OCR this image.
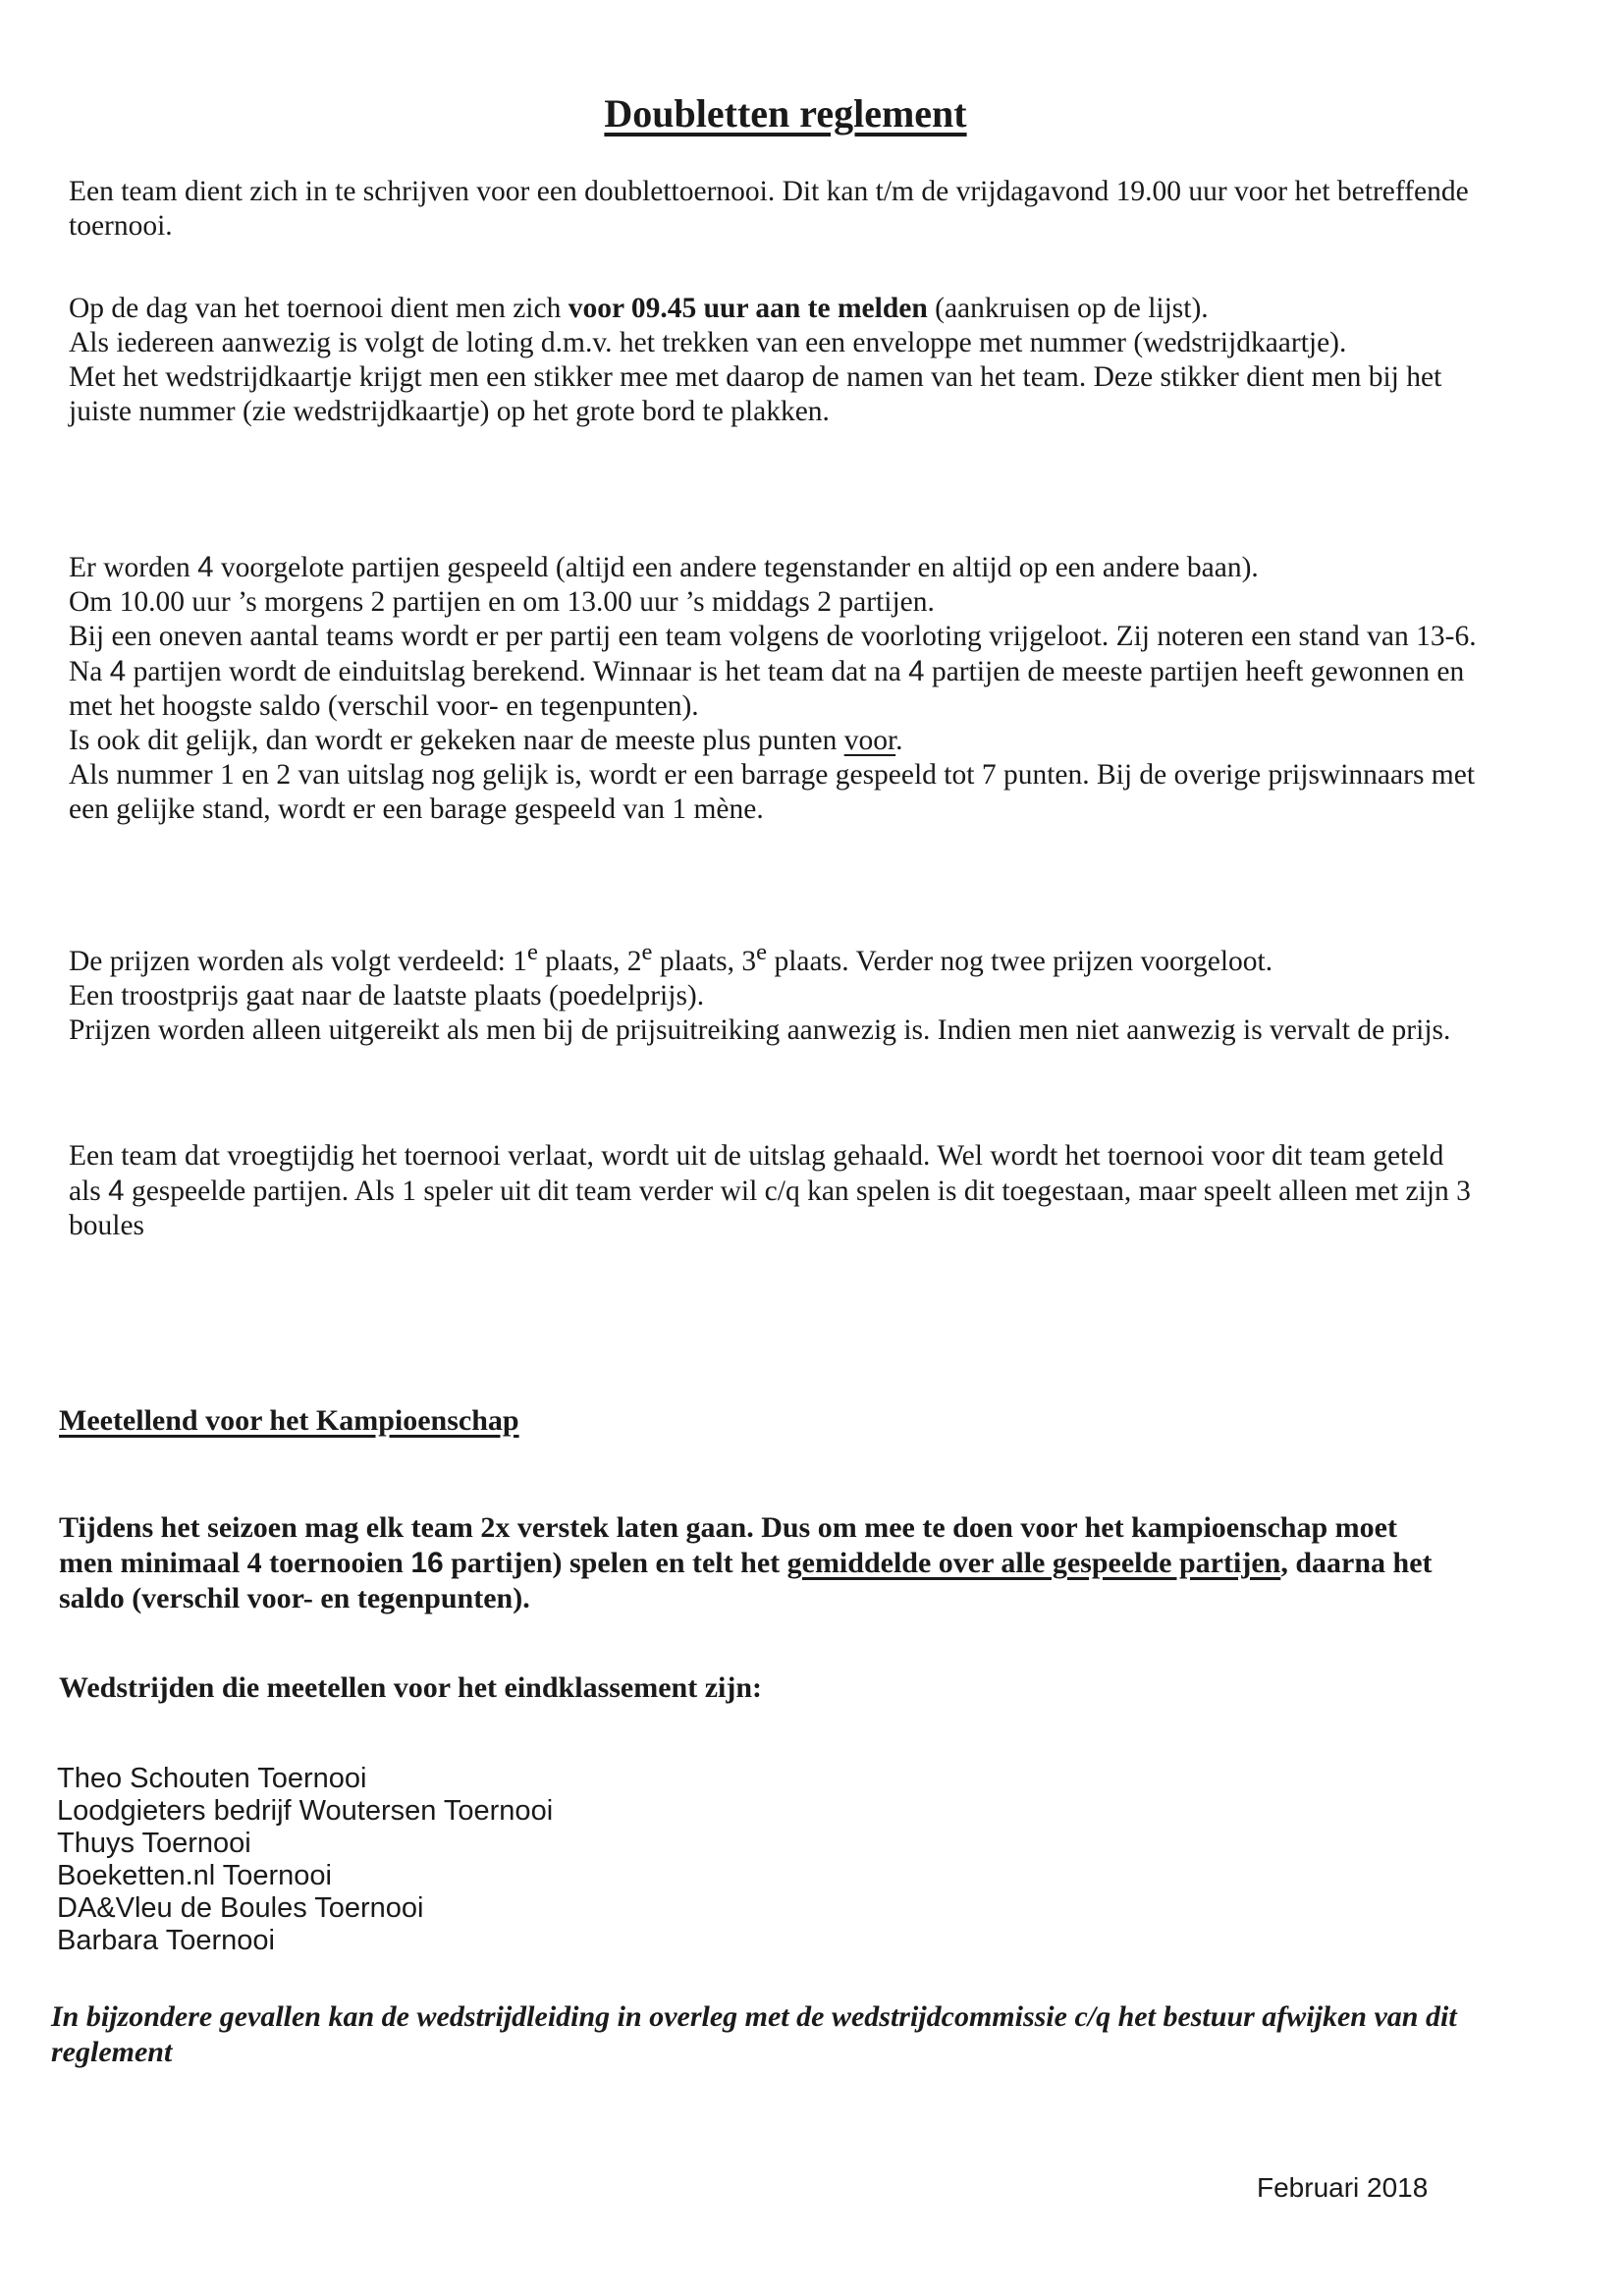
Doubletten reglement

Een team dient zich in te schrijven voor een doublettoernooi. Dit kan t/m de vrijdagavond 19.00 uur voor het betreffende toernooi.

Op de dag van het toernooi dient men zich voor 09.45 uur aan te melden (aankruisen op de lijst).

Als iedereen aanwezig is volgt de loting d.m.v. het trekken van een enveloppe met nummer (wedstrijdkaartje).

Met het wedstrijdkaartje krijgt men een stikker mee met daarop de namen van het team. Deze stikker dient men bij het juiste nummer (zie wedstrijdkaartje) op het grote bord te plakken.

Er worden 4 voorgelote partijen gespeeld (altijd een andere tegenstander en altijd op een andere baan).

Om 10.00 uur ’s morgens 2 partijen en om 13.00 uur ’s middags 2 partijen.

Bij een oneven aantal teams wordt er per partij een team volgens de voorloting vrijgeloot. Zij noteren een stand van 13-6.

Na 4 partijen wordt de einduitslag berekend. Winnaar is het team dat na 4 partijen de meeste partijen heeft gewonnen en met het hoogste saldo (verschil voor- en tegenpunten).

Is ook dit gelijk, dan wordt er gekeken naar de meeste plus punten voor.

Als nummer 1 en 2 van uitslag nog gelijk is, wordt er een barrage gespeeld tot 7 punten. Bij de overige prijswinnaars met een gelijke stand, wordt er een barage gespeeld van 1 mène.

De prijzen worden als volgt verdeeld: 1e plaats, 2e plaats, 3e plaats. Verder nog twee prijzen voorgeloot.

Een troostprijs gaat naar de laatste plaats (poedelprijs).

Prijzen worden alleen uitgereikt als men bij de prijsuitreiking aanwezig is. Indien men niet aanwezig is vervalt de prijs.

Een team dat vroegtijdig het toernooi verlaat, wordt uit de uitslag gehaald. Wel wordt het toernooi voor dit team geteld als 4 gespeelde partijen. Als 1 speler uit dit team verder wil c/q kan spelen is dit toegestaan, maar speelt alleen met zijn 3 boules

Meetellend voor het Kampioenschap

Tijdens het seizoen mag elk team 2x verstek laten gaan. Dus om mee te doen voor het kampioenschap moet men minimaal 4 toernooien 16 partijen) spelen en telt het gemiddelde over alle gespeelde partijen, daarna het saldo (verschil voor- en tegenpunten).

Wedstrijden die meetellen voor het eindklassement zijn:

Theo Schouten Toernooi
Loodgieters bedrijf Woutersen Toernooi
Thuys Toernooi
Boeketten.nl Toernooi
DA&Vleu de Boules Toernooi
Barbara Toernooi

In bijzondere gevallen kan de wedstrijdleiding in overleg met de wedstrijdcommissie c/q het bestuur afwijken van dit reglement

Februari 2018
